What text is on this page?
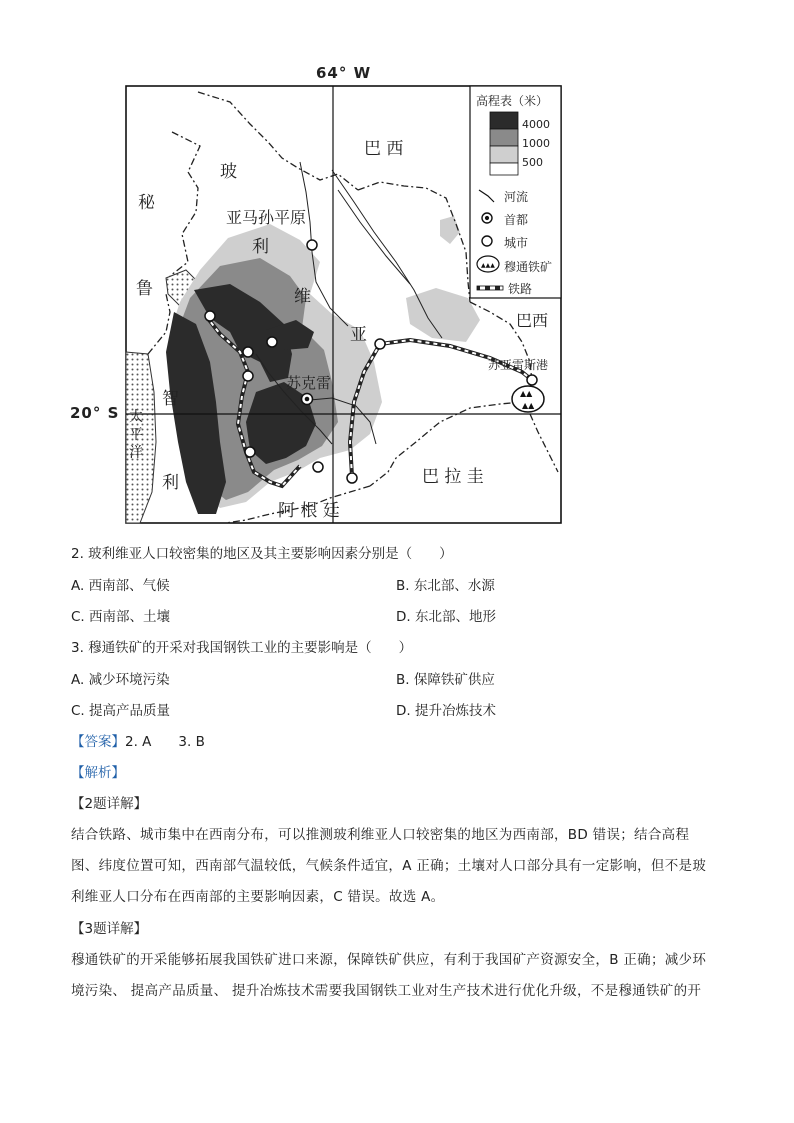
▲▲
▲▲
▲▲▲
64° W
20° S
玻
利
维
亚
巴 西
巴西
秘
鲁
智
利
太
平
洋
巴 拉 圭
阿 根 廷
亚马孙平原
苏克雷
苏亚雷斯港
高程表（米）
4000
1000
500
河流
首都
城市
穆通铁矿
铁路
2. 玻利维亚人口较密集的地区及其主要影响因素分别是（　　）
A. 西南部、气候	B. 东北部、水源
C. 西南部、土壤	D. 东北部、地形
3. 穆通铁矿的开采对我国钢铁工业的主要影响是（　　）
A. 减少环境污染	B. 保障铁矿供应
C. 提高产品质量	D. 提升冶炼技术
【答案】2. A　　3. B
【解析】
【2题详解】
结合铁路、城市集中在西南分布，可以推测玻利维亚人口较密集的地区为西南部，BD 错误；结合高程
图、纬度位置可知，西南部气温较低，气候条件适宜，A 正确；土壤对人口部分具有一定影响，但不是玻
利维亚人口分布在西南部的主要影响因素，C 错误。故选 A。
【3题详解】
穆通铁矿的开采能够拓展我国铁矿进口来源，保障铁矿供应，有利于我国矿产资源安全，B 正确；减少环
境污染、 提高产品质量、 提升冶炼技术需要我国钢铁工业对生产技术进行优化升级，不是穆通铁矿的开
